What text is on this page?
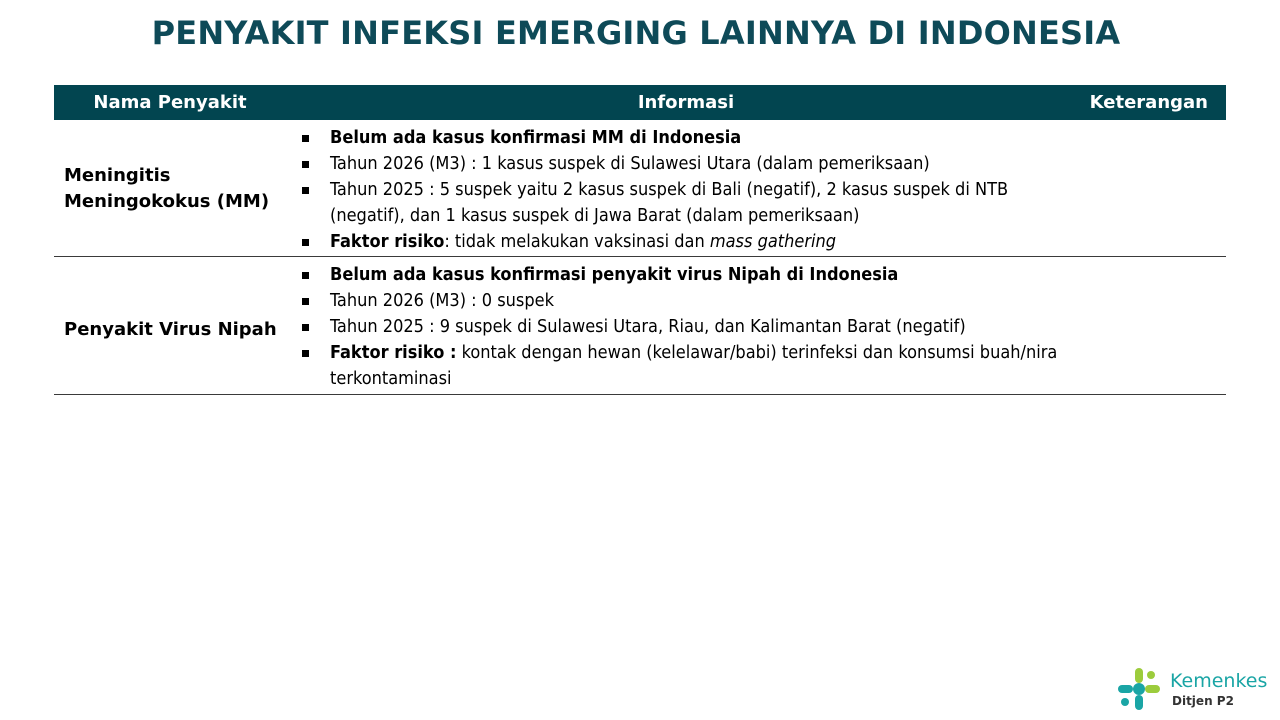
PENYAKIT INFEKSI EMERGING LAINNYA DI INDONESIA
Nama Penyakit	Informasi	Keterangan
Meningitis Meningokokus (MM)
Belum ada kasus konfirmasi MM di Indonesia
Tahun 2026 (M3) : 1 kasus suspek di Sulawesi Utara (dalam pemeriksaan)
Tahun 2025 : 5 suspek yaitu 2 kasus suspek di Bali (negatif), 2 kasus suspek di NTB (negatif), dan 1 kasus suspek di Jawa Barat (dalam pemeriksaan)
Faktor risiko: tidak melakukan vaksinasi dan mass gathering
Penyakit Virus Nipah
Belum ada kasus konfirmasi penyakit virus Nipah di Indonesia
Tahun 2026 (M3) : 0 suspek
Tahun 2025 : 9 suspek di Sulawesi Utara, Riau, dan Kalimantan Barat (negatif)
Faktor risiko : kontak dengan hewan (kelelawar/babi) terinfeksi dan konsumsi buah/nira terkontaminasi
Kemenkes
Ditjen P2
